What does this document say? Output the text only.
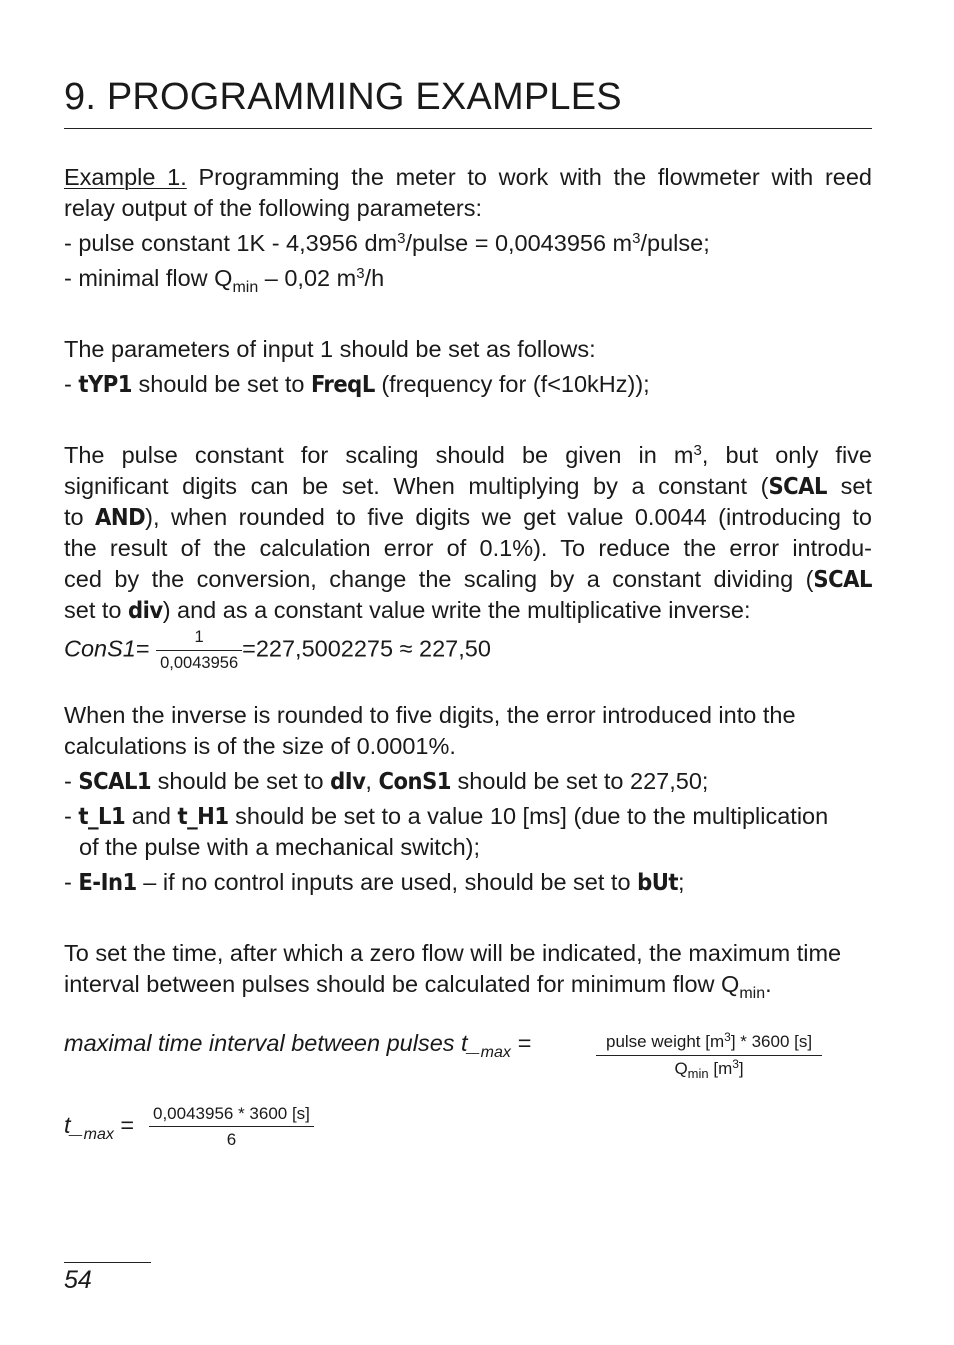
9. PROGRAMMING EXAMPLES
Example 1. Programming the meter to work with the flowmeter with reed relay output of the following parameters:
- pulse constant 1K - 4,3956 $dm^3$/pulse = 0,0043956 $m^3$/pulse;
- minimal flow $Q_{min} - 0,02$ $m^3/h$
The parameters of input 1 should be set as follows:
- tYP1 should be set to FreqL (frequency for (f<10kHz));
The pulse constant for scaling should be given in $m^3$, but only five
significant digits can be set. When multiplying by a constant (SCAL set
to AND), when rounded to five digits we get value 0.0044 (introducing to
the result of the calculation error of 0.1%). To reduce the error introdu-
ced by the conversion, change the scaling by a constant dividing (SCAL
set to div) and as a constant value write the multiplicative inverse:
ConS1= $\frac{1}{0,0043956} =227,5002275 \approx 227,50$
When the inverse is rounded to five digits, the error introduced into the
calculations is of the size of 0.0001%.
- SCAL1 should be set to dIv, ConS1 should be set to 227,50;
- t_L1 and t_H1 should be set to a value 10 [ms] (due to the multiplication
of the pulse with a mechanical switch);
- E-In1 – if no control inputs are used, should be set to bUt;
To set the time, after which a zero flow will be indicated, the maximum time
interval between pulses should be calculated for minimum flow $Q_{min}$.
maximal time interval between pulses $t\__{max}$ =	pulse weight $[m^3] * 3600$ [s]
$Q_{min}$ $[m^3]$
$t\__{max} = \frac{0,0043956 * 3600 [s]}{6}$
54
